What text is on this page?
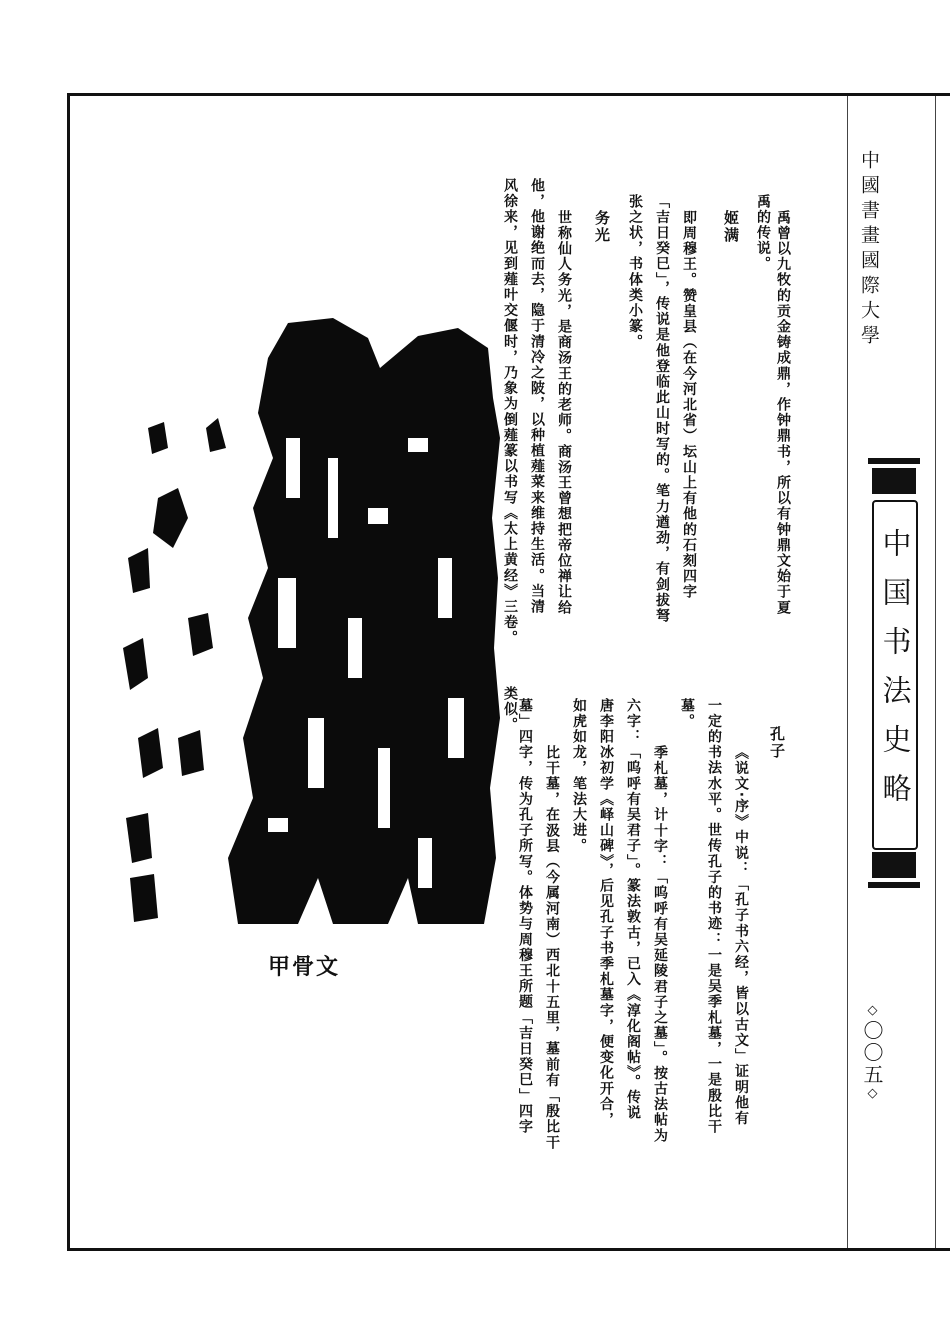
中國書畫國際大學
中国书法史略
◇〇〇五◇
禹曾以九牧的贡金铸成鼎，作钟鼎书，所以有钟鼎文始于夏
禹的传说。
姬满
即周穆王。赞皇县（在今河北省）坛山上有他的石刻四字
「吉日癸巳」，传说是他登临此山时写的。笔力遒劲，有剑拔弩
张之状，书体类小篆。
务光
世称仙人务光，是商汤王的老师。商汤王曾想把帝位禅让给
他，他谢绝而去，隐于清冷之陂，以种植薤菜来维持生活。当清
风徐来，见到薤叶交偃时，乃象为倒薤篆以书写《太上黄经》三卷。
类似。
孔子
《说文·序》中说：「孔子书六经，皆以古文」证明他有
一定的书法水平。世传孔子的书迹：一是吴季札墓，一是殷比干
墓。
季札墓，计十字：「呜呼有吴延陵君子之墓」。按古法帖为
六字：「呜呼有吴君子」。篆法敦古，已入《淳化阁帖》。传说
唐李阳冰初学《峄山碑》，后见孔子书季札墓字，便变化开合，
如虎如龙，笔法大进。
比干墓，在汲县（今属河南）西北十五里，墓前有「殷比干
墓」四字，传为孔子所写。体势与周穆王所题「吉日癸巳」四字
甲骨文
